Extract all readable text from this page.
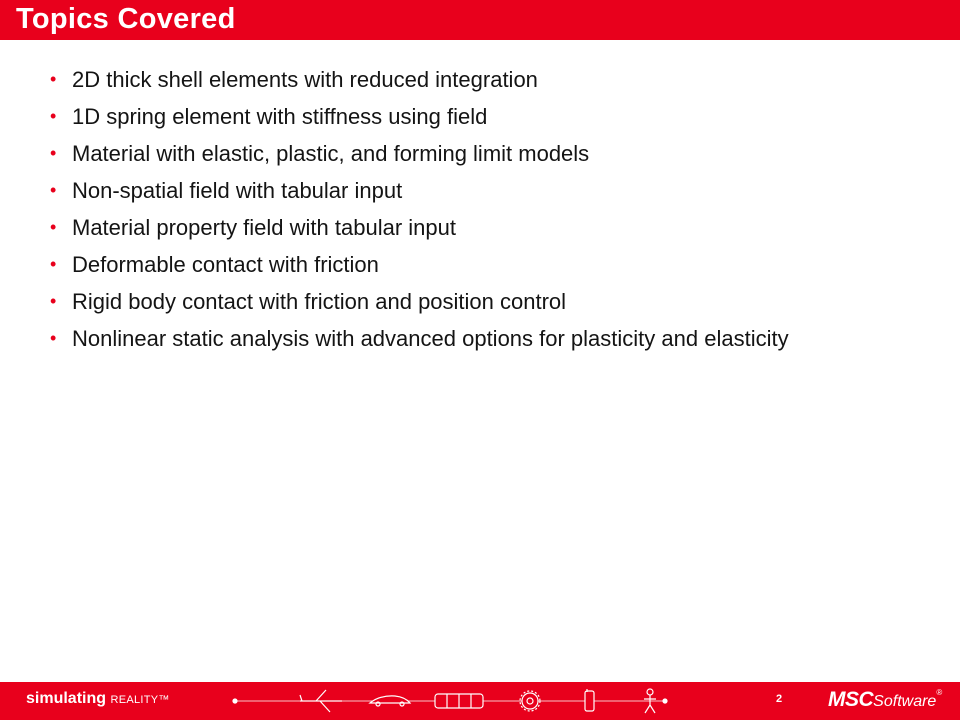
Topics Covered
• 2D thick shell elements with reduced integration
• 1D spring element with stiffness using field
• Material with elastic, plastic, and forming limit models
• Non-spatial field with tabular input
• Material property field with tabular input
• Deformable contact with friction
• Rigid body contact with friction and position control
• Nonlinear static analysis with advanced options for plasticity and elasticity
simulating REALITY™	2 MSCSoftware®
